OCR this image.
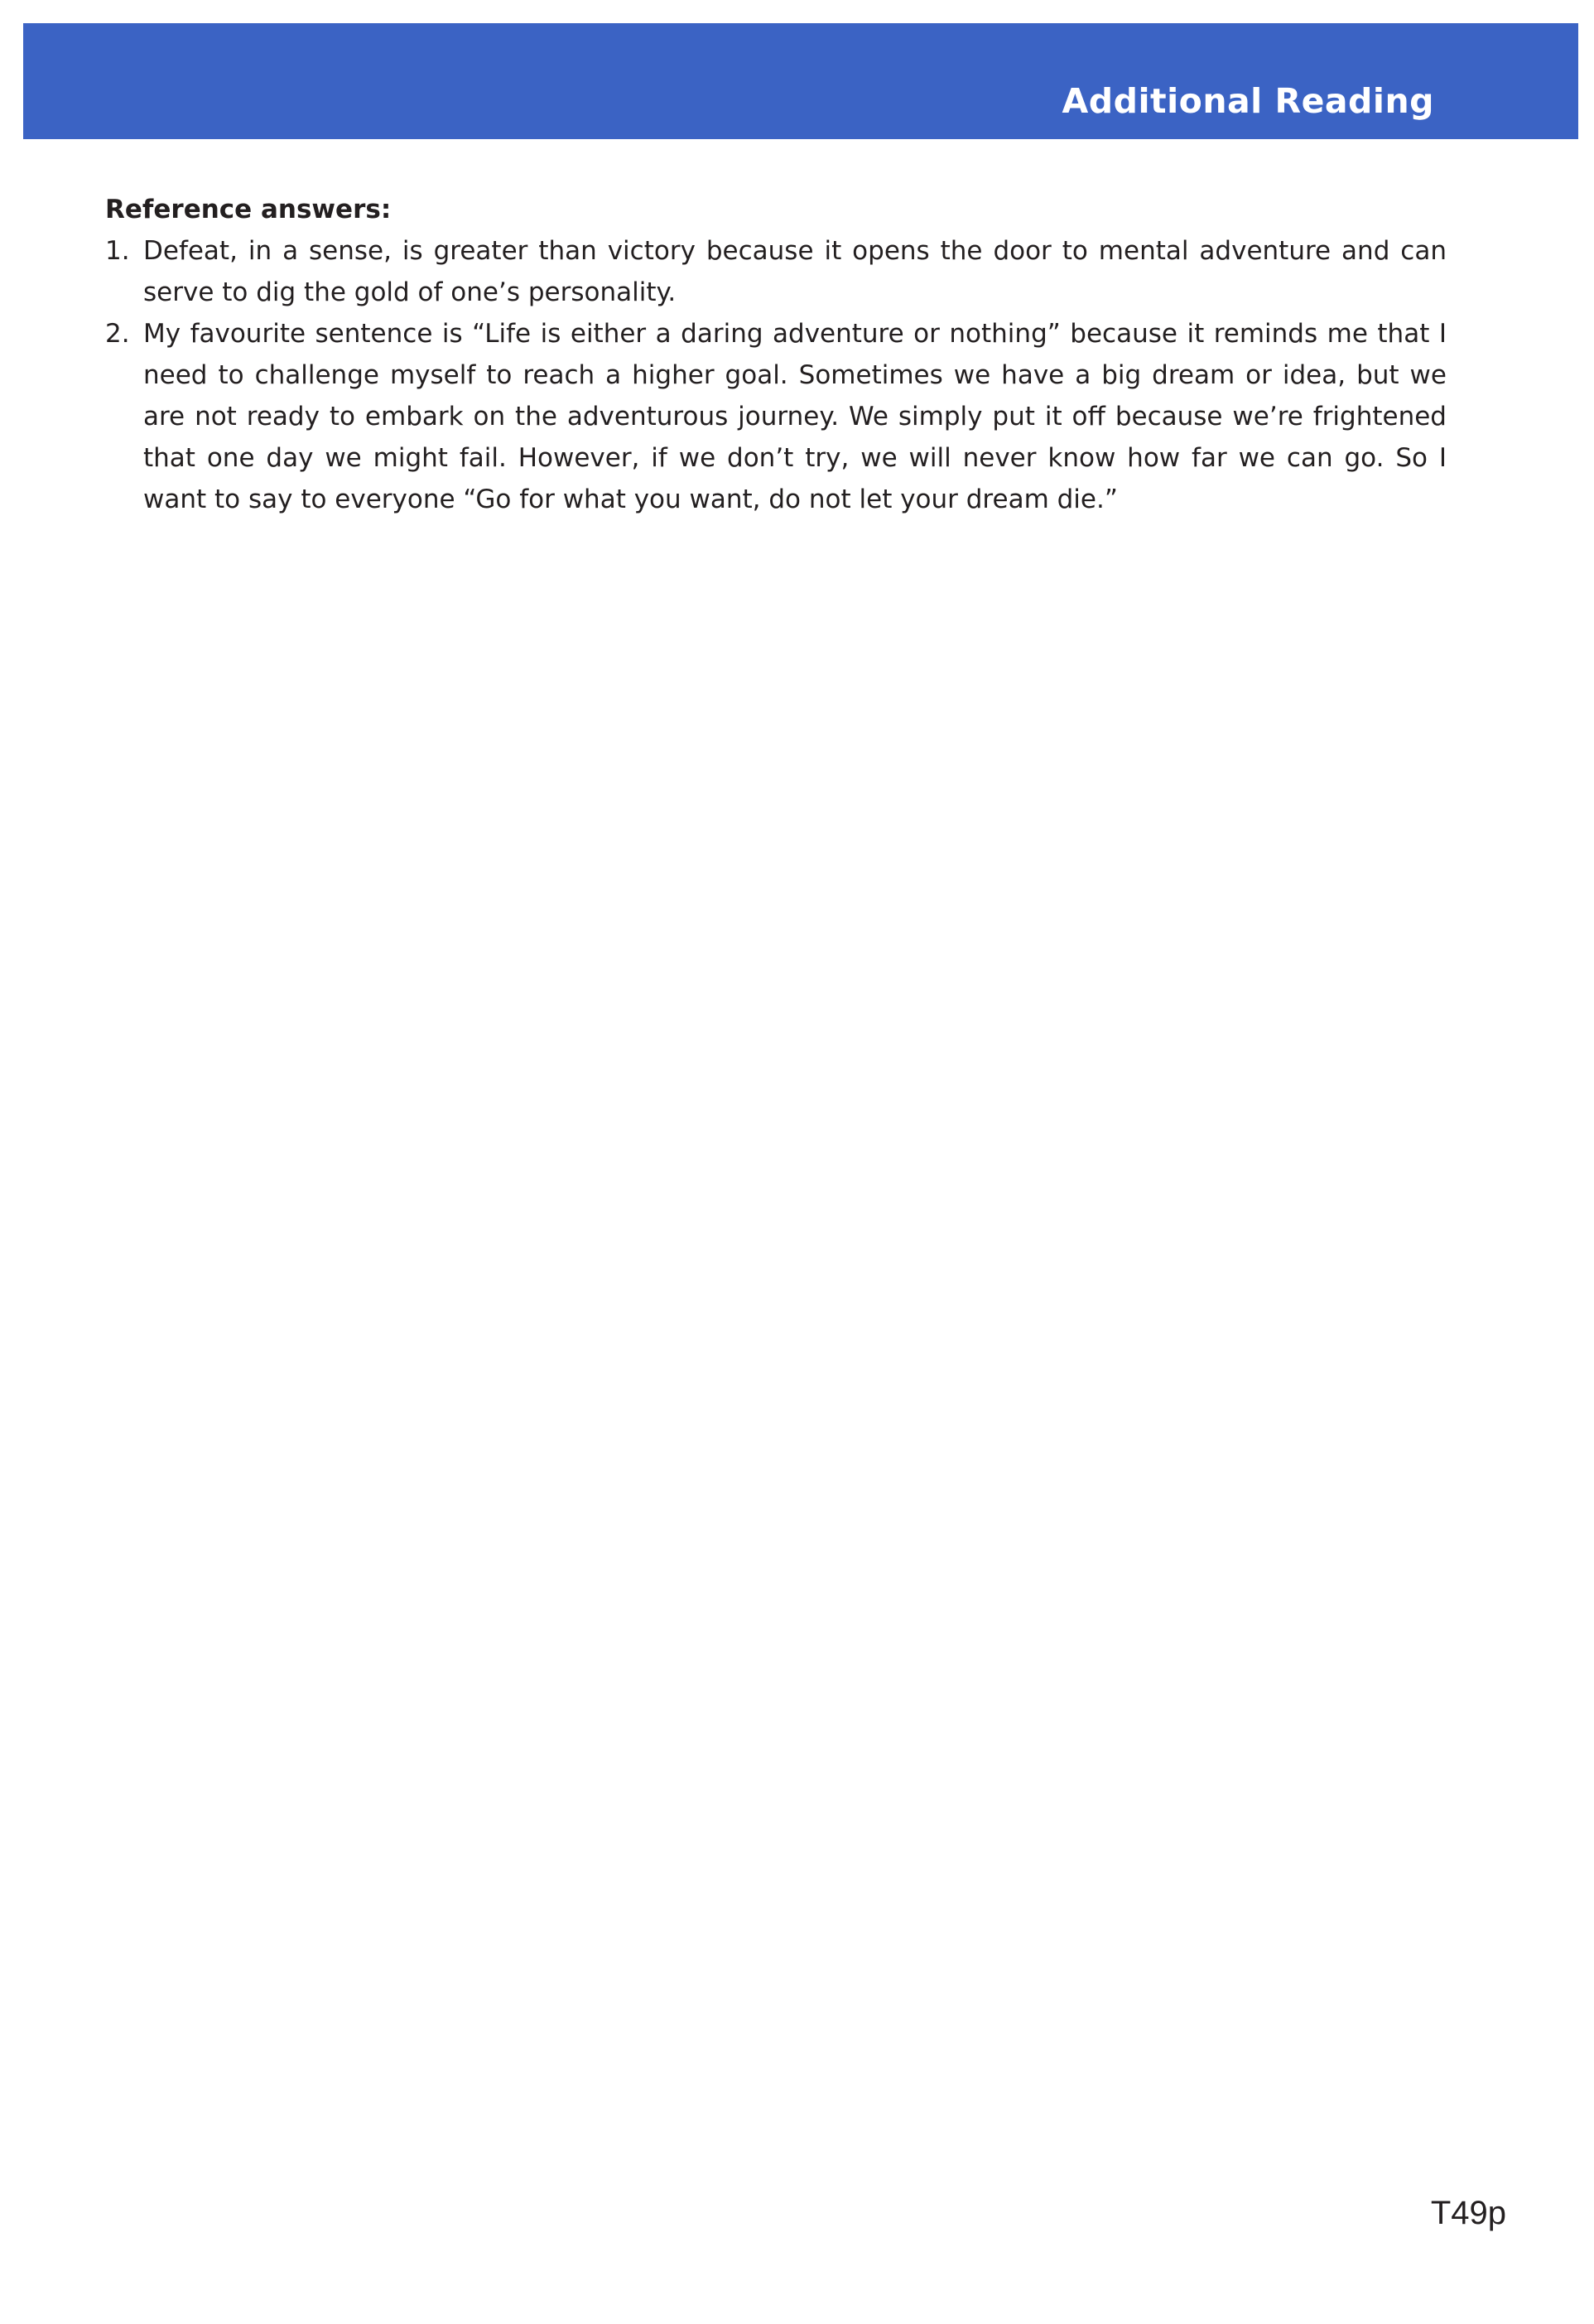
Additional Reading

Reference answers:

1. Defeat, in a sense, is greater than victory because it opens the door to mental adventure and can serve to dig the gold of one’s personality.
2. My favourite sentence is “Life is either a daring adventure or nothing” because it reminds me that I need to challenge myself to reach a higher goal. Sometimes we have a big dream or idea, but we are not ready to embark on the adventurous journey. We simply put it off because we’re frightened that one day we might fail. However, if we don’t try, we will never know how far we can go. So I want to say to everyone “Go for what you want, do not let your dream die.”
T49p
